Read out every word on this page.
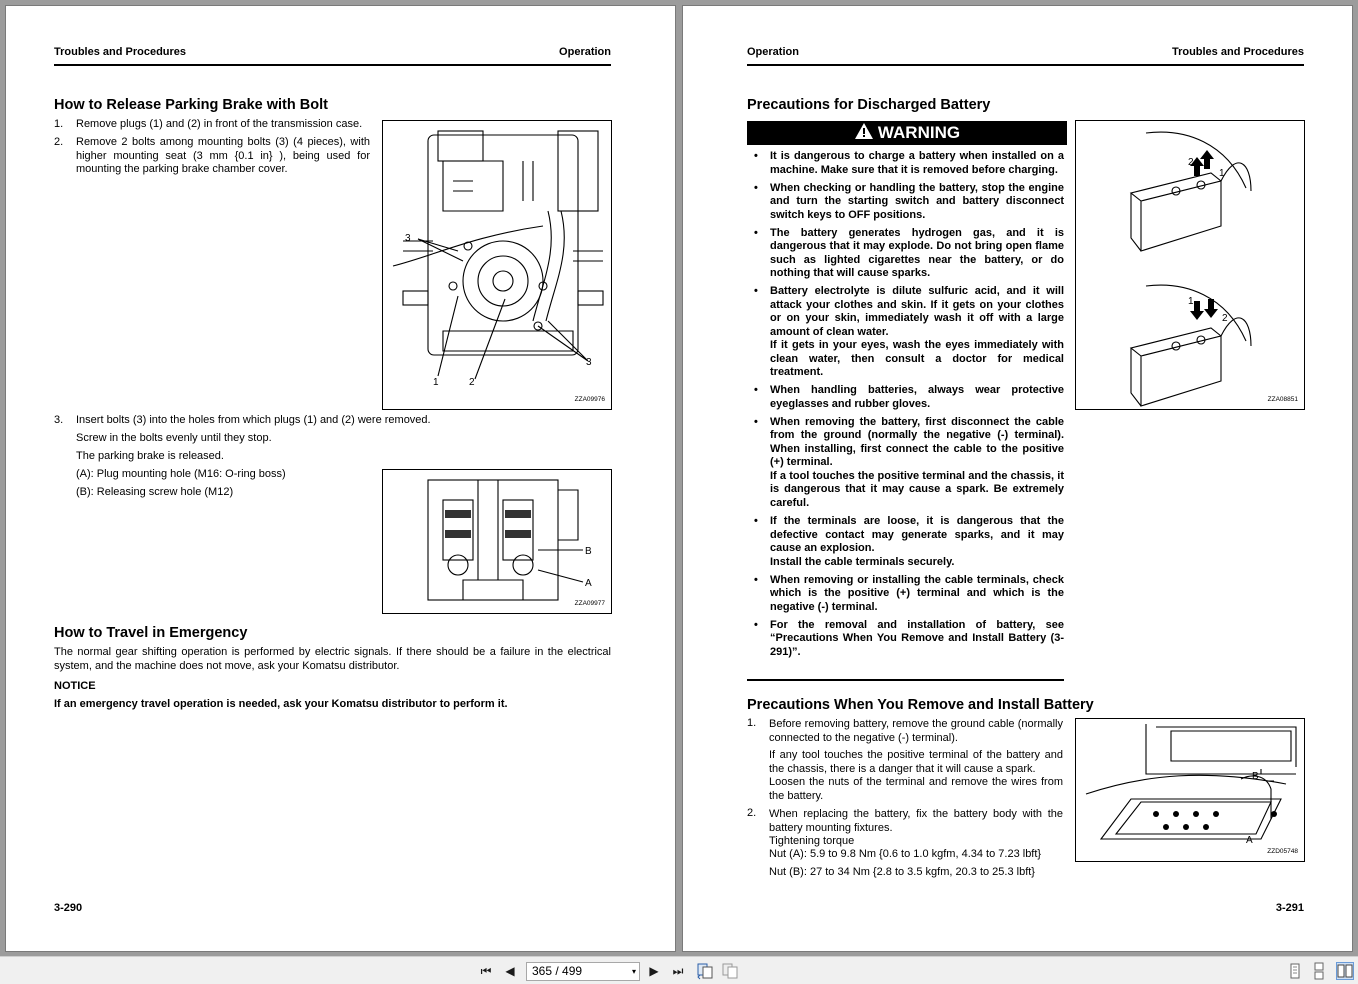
Troubles and Procedures	Operation
How to Release Parking Brake with Bolt
1. Remove plugs (1) and (2) in front of the transmission case.
2. Remove 2 bolts among mounting bolts (3) (4 pieces), with higher mounting seat (3 mm {0.1 in} ), being used for mounting the parking brake chamber cover.
3
3
1	2
ZZA09976
3. Insert bolts (3) into the holes from which plugs (1) and (2) were removed.
Screw in the bolts evenly until they stop.
The parking brake is released.
(A): Plug mounting hole (M16: O-ring boss)
(B): Releasing screw hole (M12)
B
A
ZZA09977
How to Travel in Emergency
The normal gear shifting operation is performed by electric signals. If there should be a failure in the electrical system, and the machine does not move, ask your Komatsu distributor.
NOTICE
If an emergency travel operation is needed, ask your Komatsu distributor to perform it.
3-290
Operation	Troubles and Procedures
Precautions for Discharged Battery
WARNING
• It is dangerous to charge a battery when installed on a machine. Make sure that it is removed before charging.
• When checking or handling the battery, stop the engine and turn the starting switch and battery disconnect switch keys to OFF positions.
• The battery generates hydrogen gas, and it is dangerous that it may explode. Do not bring open flame such as lighted cigarettes near the battery, or do nothing that will cause sparks.
• Battery electrolyte is dilute sulfuric acid, and it will attack your clothes and skin. If it gets on your clothes or on your skin, immediately wash it off with a large amount of clean water.
If it gets in your eyes, wash the eyes immediately with clean water, then consult a doctor for medical treatment.
• When handling batteries, always wear protective eyeglasses and rubber gloves.
• When removing the battery, first disconnect the cable from the ground (normally the negative (-) terminal). When installing, first connect the cable to the positive (+) terminal.
If a tool touches the positive terminal and the chassis, it is dangerous that it may cause a spark. Be extremely careful.
• If the terminals are loose, it is dangerous that the defective contact may generate sparks, and it may cause an explosion.
Install the cable terminals securely.
• When removing or installing the cable terminals, check which is the positive (+) terminal and which is the negative (-) terminal.
• For the removal and installation of battery, see “Precautions When You Remove and Install Battery (3-291)”.
2
1
1
2
ZZA08851
Precautions When You Remove and Install Battery
1. Before removing battery, remove the ground cable (normally connected to the negative (-) terminal).
If any tool touches the positive terminal of the battery and the chassis, there is a danger that it will cause a spark.
Loosen the nuts of the terminal and remove the wires from the battery.
2. When replacing the battery, fix the battery body with the battery mounting fixtures.
Tightening torque
Nut (A): 5.9 to 9.8 Nm {0.6 to 1.0 kgfm, 4.34 to 7.23 lbft}
Nut (B): 27 to 34 Nm {2.8 to 3.5 kgfm, 20.3 to 25.3 lbft}
B
A
ZZD05748
3-291
⏮	◀	365 / 499	▾	▶	⏭
